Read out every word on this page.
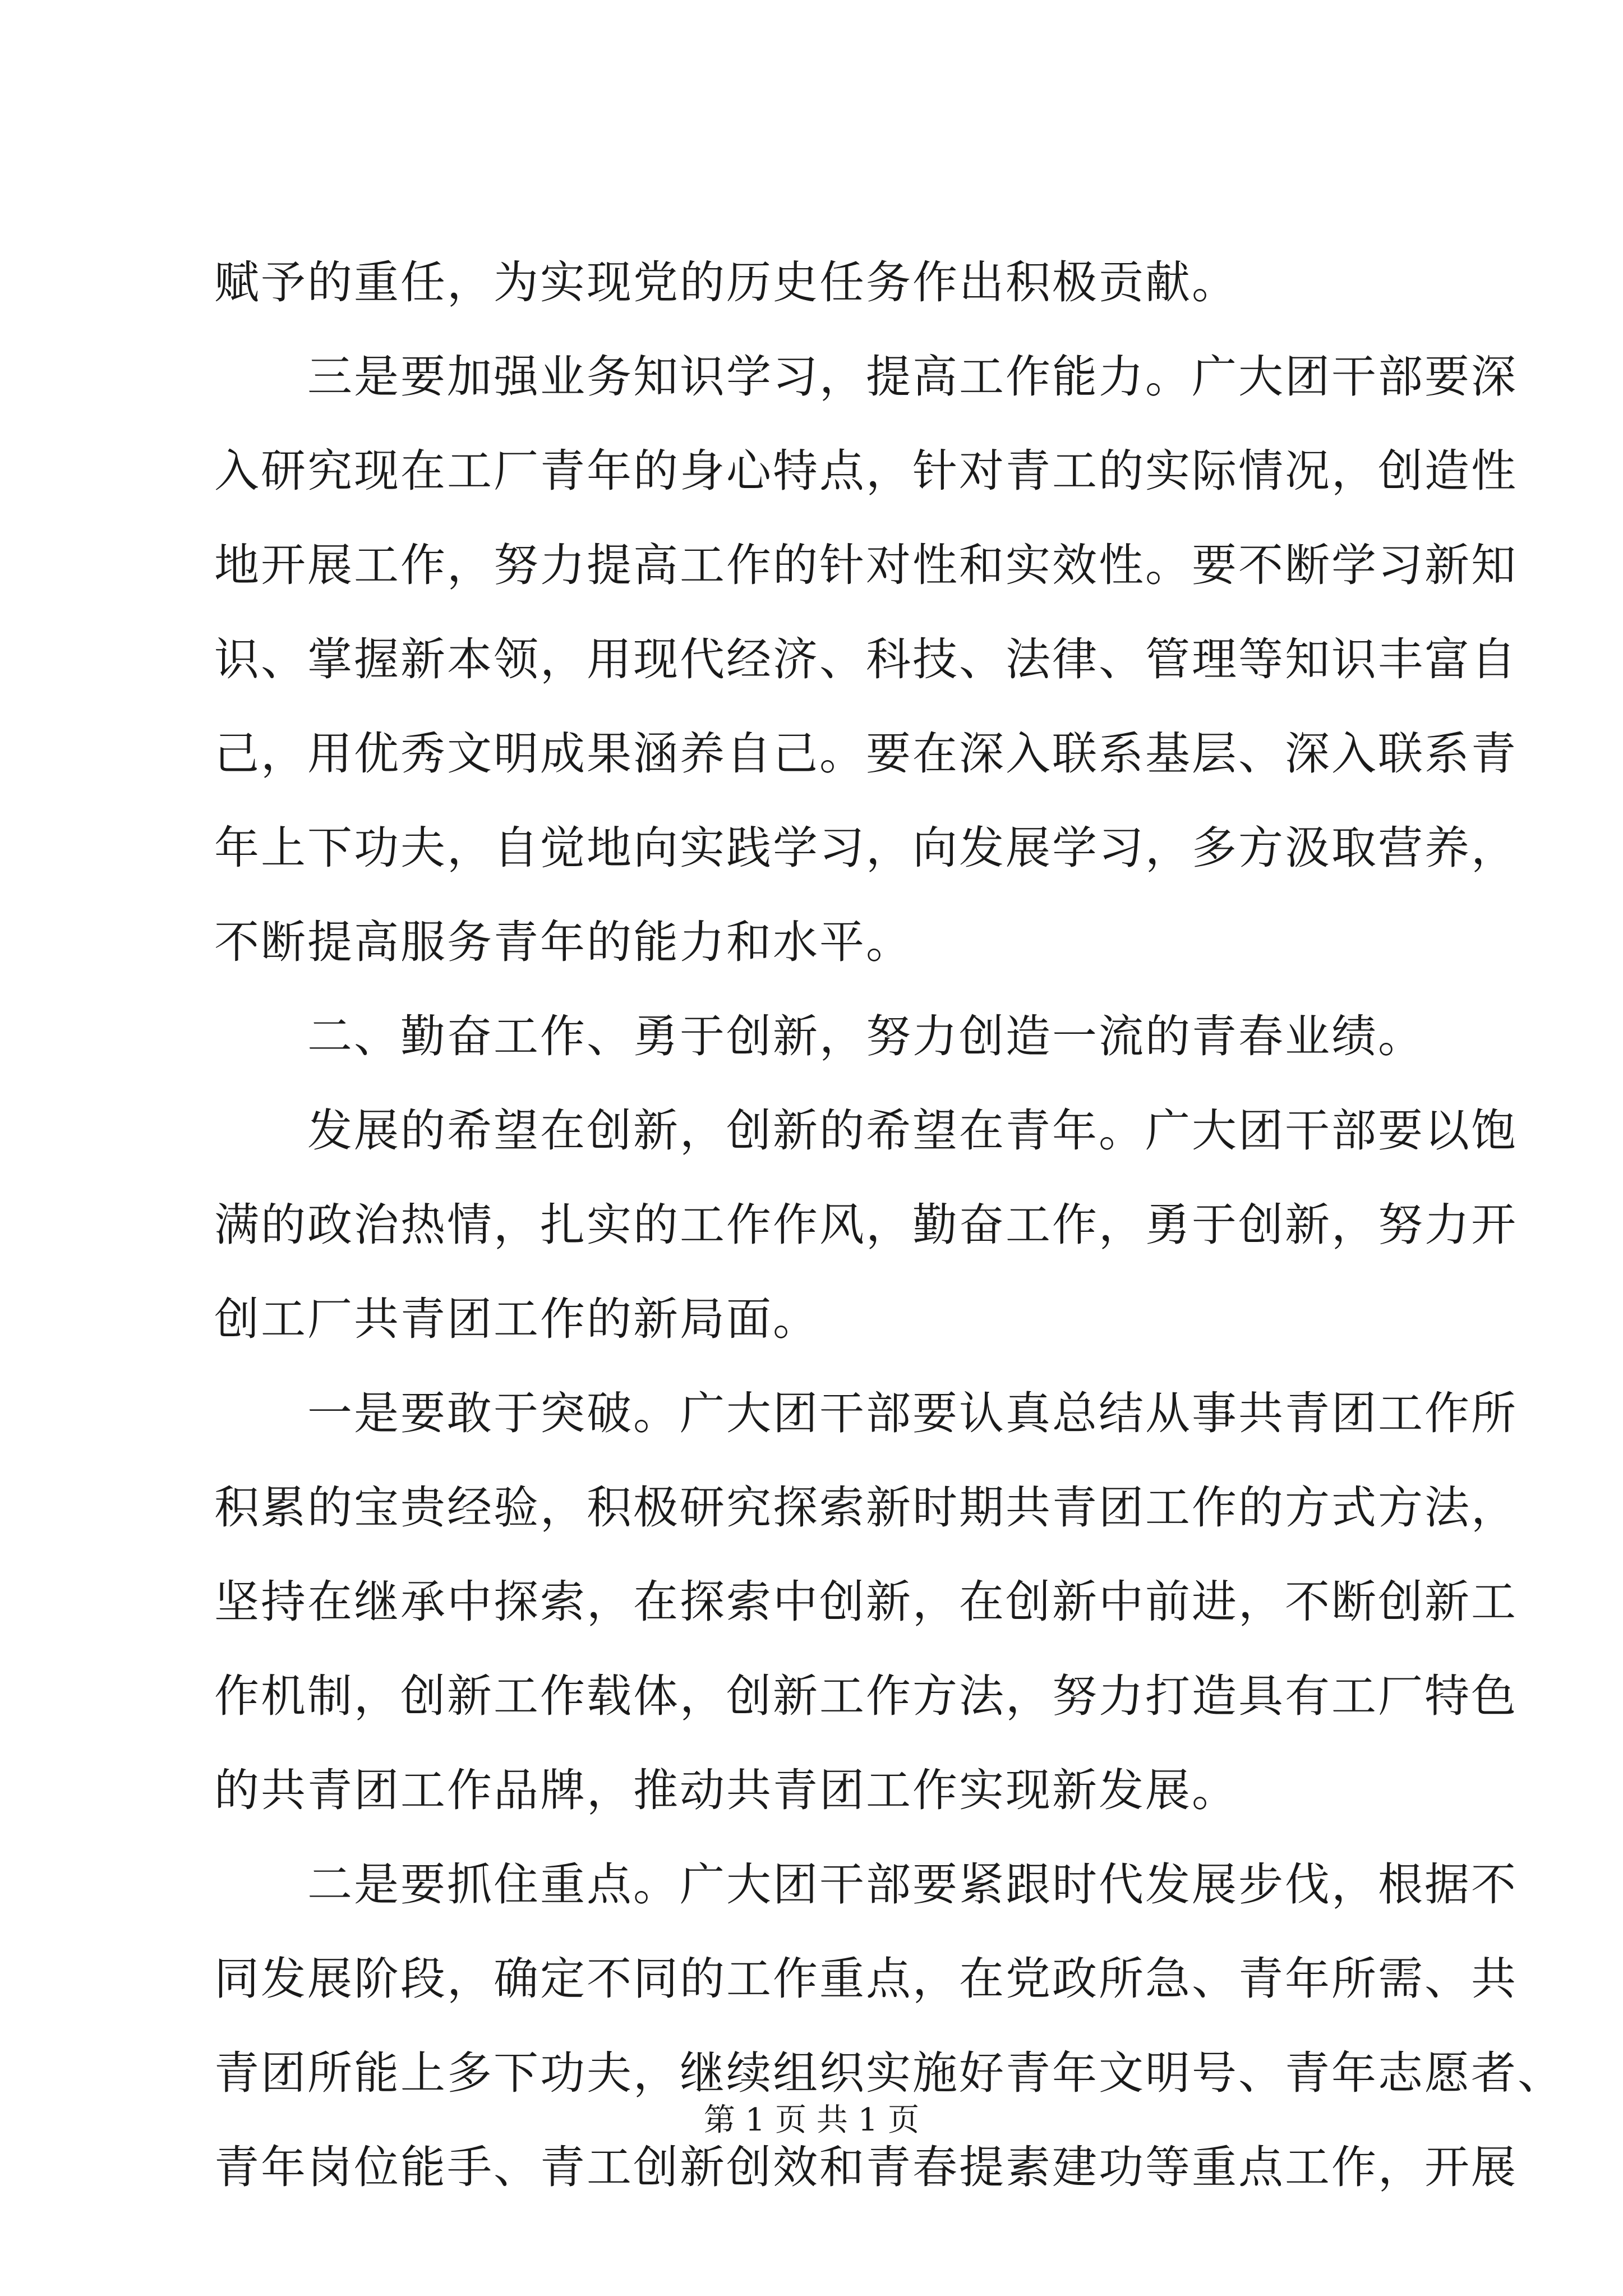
赋予的重任，为实现党的历史任务作出积极贡献。
三是要加强业务知识学习，提高工作能力。广大团干部要深
入研究现在工厂青年的身心特点，针对青工的实际情况，创造性
地开展工作，努力提高工作的针对性和实效性。要不断学习新知
识、掌握新本领，用现代经济、科技、法律、管理等知识丰富自
己，用优秀文明成果涵养自己。要在深入联系基层、深入联系青
年上下功夫，自觉地向实践学习，向发展学习，多方汲取营养，
不断提高服务青年的能力和水平。
二、勤奋工作、勇于创新，努力创造一流的青春业绩。
发展的希望在创新，创新的希望在青年。广大团干部要以饱
满的政治热情，扎实的工作作风，勤奋工作，勇于创新，努力开
创工厂共青团工作的新局面。
一是要敢于突破。广大团干部要认真总结从事共青团工作所
积累的宝贵经验，积极研究探索新时期共青团工作的方式方法，
坚持在继承中探索，在探索中创新，在创新中前进，不断创新工
作机制，创新工作载体，创新工作方法，努力打造具有工厂特色
的共青团工作品牌，推动共青团工作实现新发展。
二是要抓住重点。广大团干部要紧跟时代发展步伐，根据不
同发展阶段，确定不同的工作重点，在党政所急、青年所需、共
青团所能上多下功夫，继续组织实施好青年文明号、青年志愿者、
青年岗位能手、青工创新创效和青春提素建功等重点工作，开展
第 1 页 共 1 页
